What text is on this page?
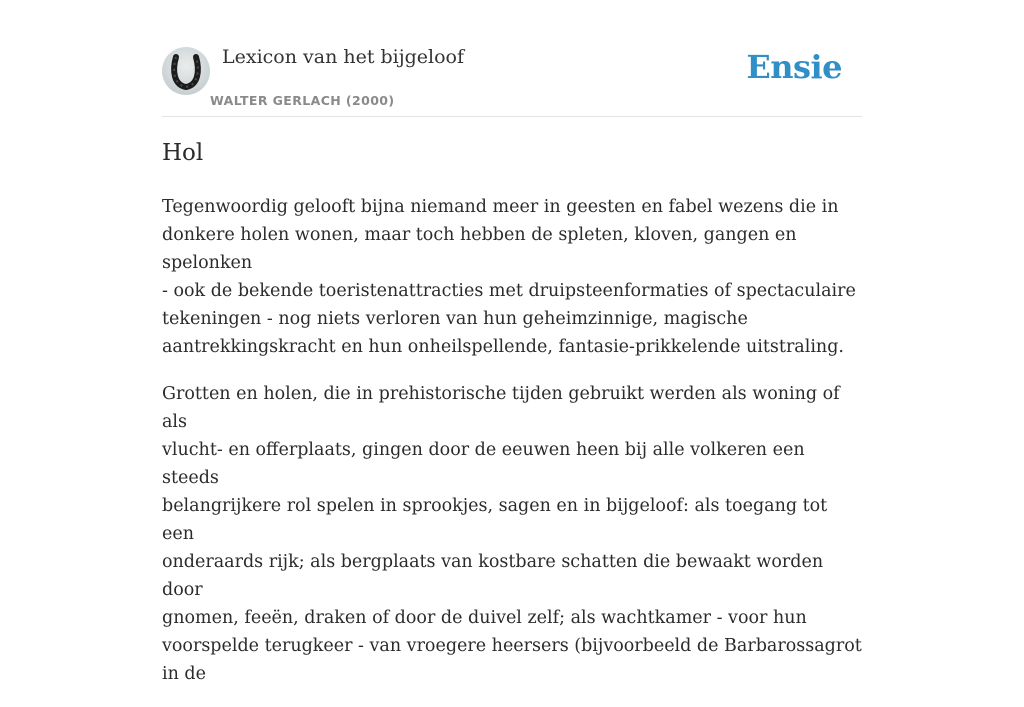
Lexicon van het bijgeloof
WALTER GERLACH (2000)
Ensie
Hol

Tegenwoordig gelooft bijna niemand meer in geesten en fabel wezens die in
donkere holen wonen, maar toch hebben de spleten, kloven, gangen en spelonken
- ook de bekende toeristenattracties met druipsteenformaties of spectaculaire
tekeningen - nog niets verloren van hun geheimzinnige, magische
aantrekkingskracht en hun onheilspellende, fantasie-prikkelende uitstraling.

Grotten en holen, die in prehistorische tijden gebruikt werden als woning of als
vlucht- en offerplaats, gingen door de eeuwen heen bij alle volkeren een steeds
belangrijkere rol spelen in sprookjes, sagen en in bijgeloof: als toegang tot een
onderaards rijk; als bergplaats van kostbare schatten die bewaakt worden door
gnomen, feeën, draken of door de duivel zelf; als wachtkamer - voor hun
voorspelde terugkeer - van vroegere heersers (bijvoorbeeld de Barbarossagrot in de
